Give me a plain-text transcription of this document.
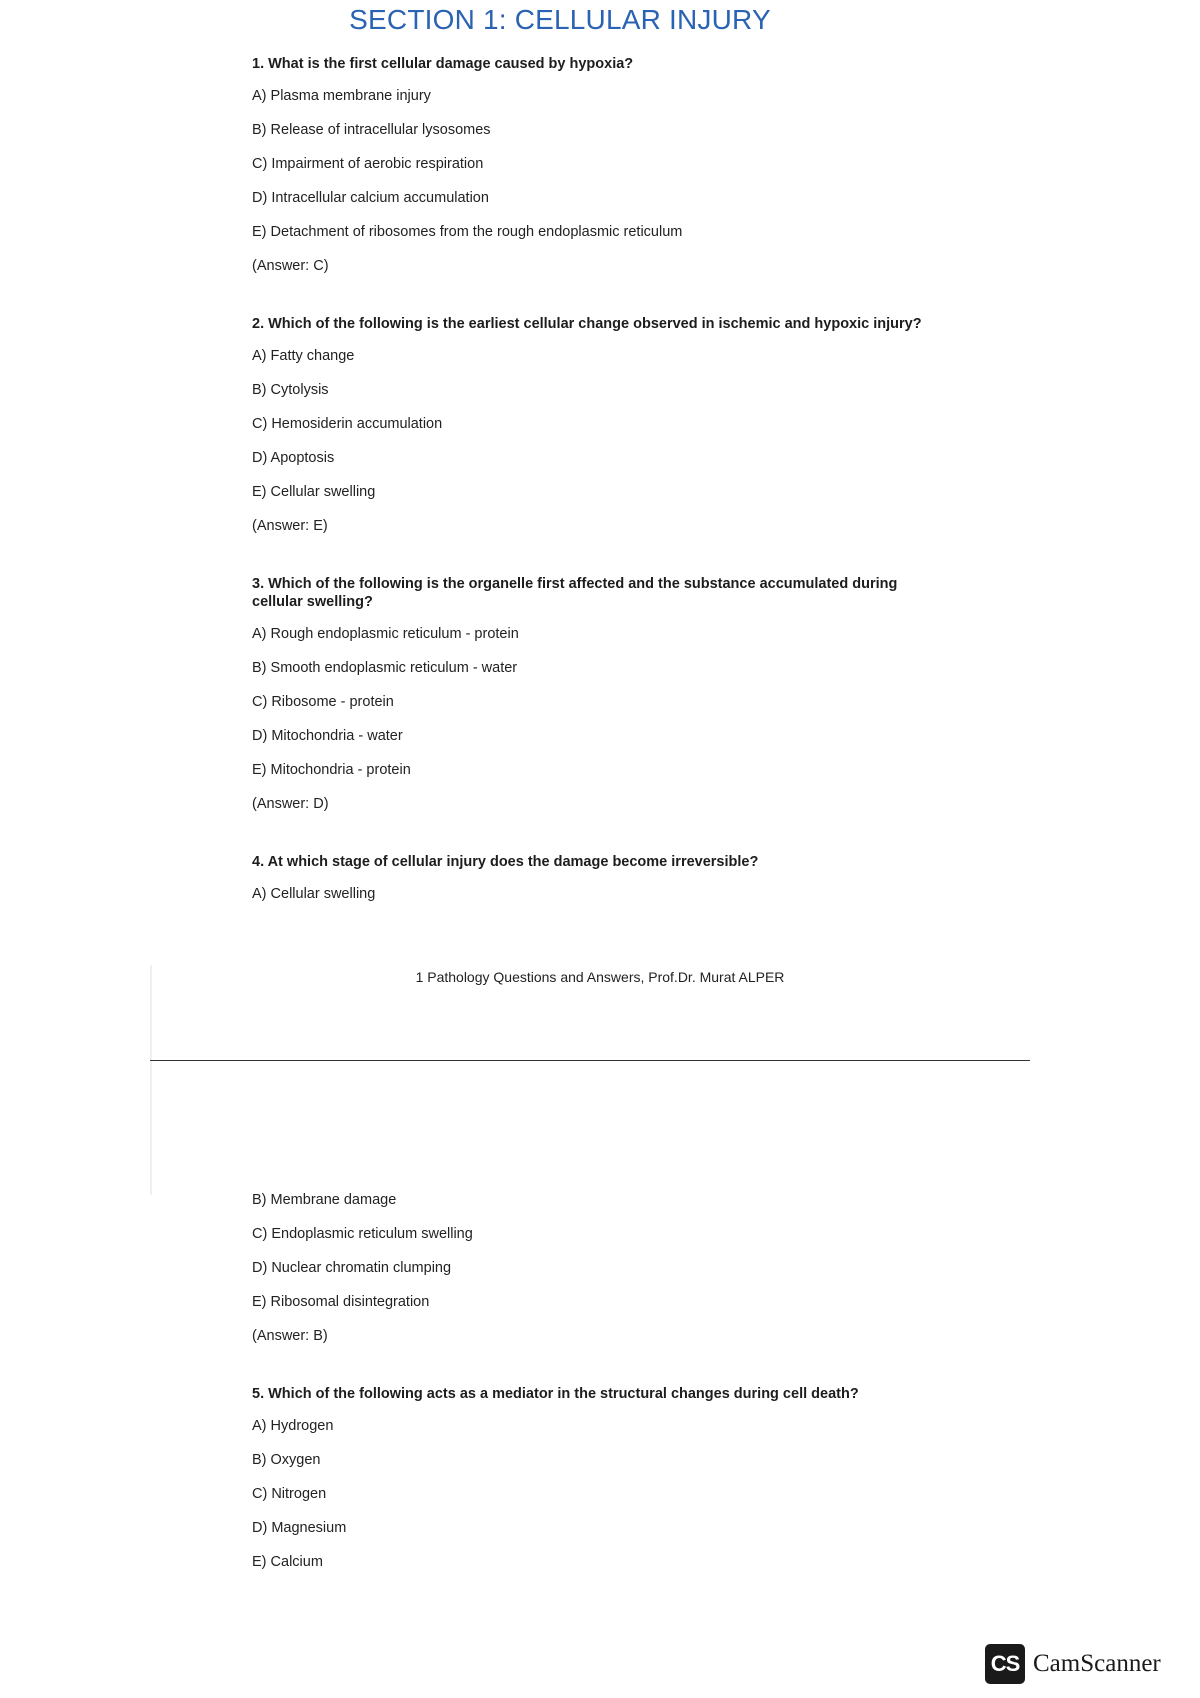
SECTION 1: CELLULAR INJURY

1. What is the first cellular damage caused by hypoxia?

A) Plasma membrane injury

B) Release of intracellular lysosomes

C) Impairment of aerobic respiration

D) Intracellular calcium accumulation

E) Detachment of ribosomes from the rough endoplasmic reticulum

(Answer: C)

2. Which of the following is the earliest cellular change observed in ischemic and hypoxic injury?

A) Fatty change

B) Cytolysis

C) Hemosiderin accumulation

D) Apoptosis

E) Cellular swelling

(Answer: E)

3. Which of the following is the organelle first affected and the substance accumulated during cellular swelling?

A) Rough endoplasmic reticulum - protein

B) Smooth endoplasmic reticulum - water

C) Ribosome - protein

D) Mitochondria - water

E) Mitochondria - protein

(Answer: D)

4. At which stage of cellular injury does the damage become irreversible?

A) Cellular swelling

1 Pathology Questions and Answers, Prof.Dr. Murat ALPER

B) Membrane damage

C) Endoplasmic reticulum swelling

D) Nuclear chromatin clumping

E) Ribosomal disintegration

(Answer: B)

5. Which of the following acts as a mediator in the structural changes during cell death?

A) Hydrogen

B) Oxygen

C) Nitrogen

D) Magnesium

E) Calcium

CS CamScanner
